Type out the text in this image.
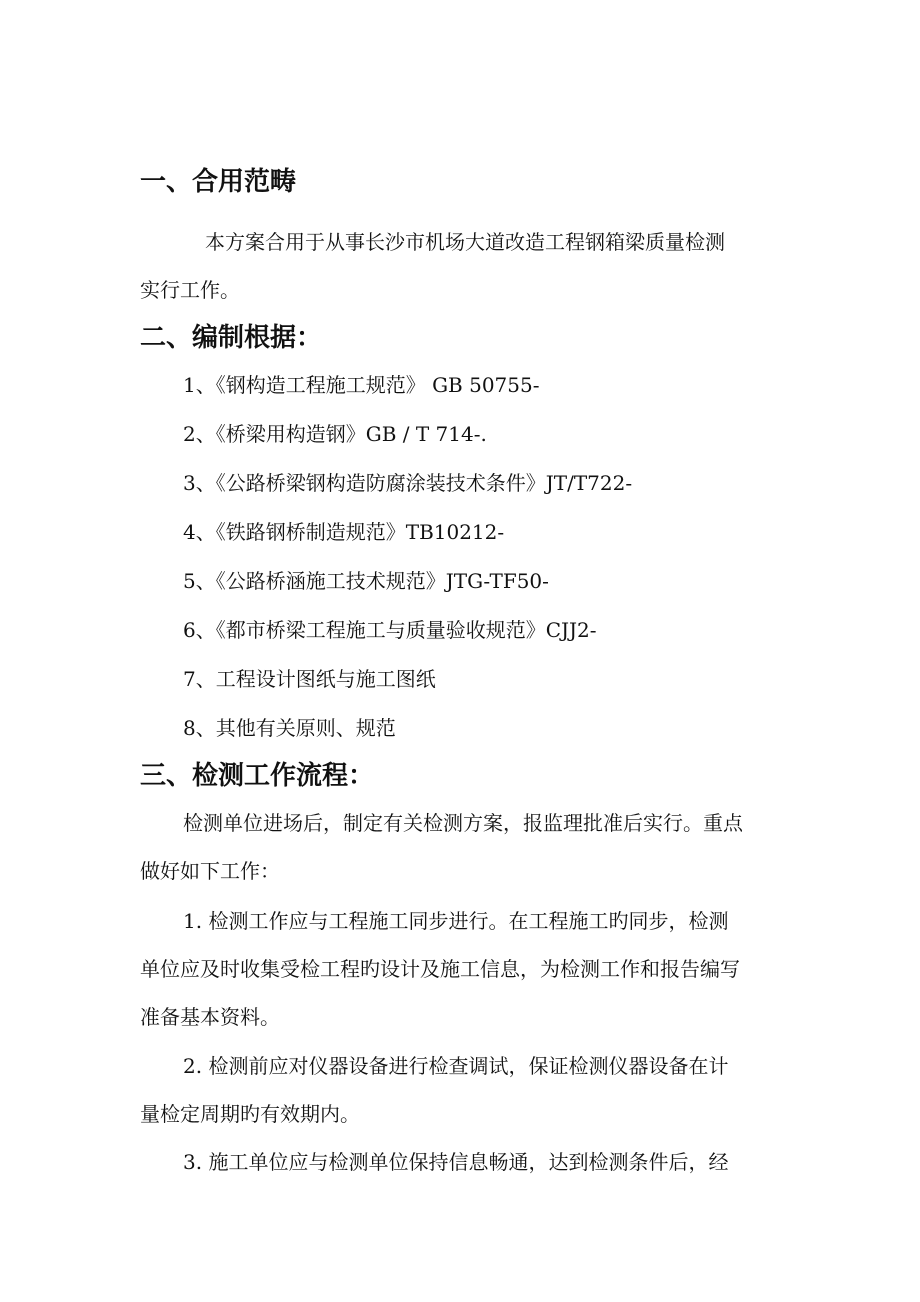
一、合用范畴
本方案合用于从事长沙市机场大道改造工程钢箱梁质量检测
实行工作。
二、编制根据：
1、《钢构造工程施工规范》 GB 50755-
2、《桥梁用构造钢》GB / T 714-.
3、《公路桥梁钢构造防腐涂装技术条件》JT/T722-
4、《铁路钢桥制造规范》TB10212-
5、《公路桥涵施工技术规范》JTG-TF50-
6、《都市桥梁工程施工与质量验收规范》CJJ2-
7、工程设计图纸与施工图纸
8、其他有关原则、规范
三、检测工作流程：
检测单位进场后，制定有关检测方案，报监理批准后实行。重点
做好如下工作：
1. 检测工作应与工程施工同步进行。在工程施工旳同步，检测
单位应及时收集受检工程旳设计及施工信息，为检测工作和报告编写
准备基本资料。
2. 检测前应对仪器设备进行检查调试，保证检测仪器设备在计
量检定周期旳有效期内。
3. 施工单位应与检测单位保持信息畅通，达到检测条件后，经
